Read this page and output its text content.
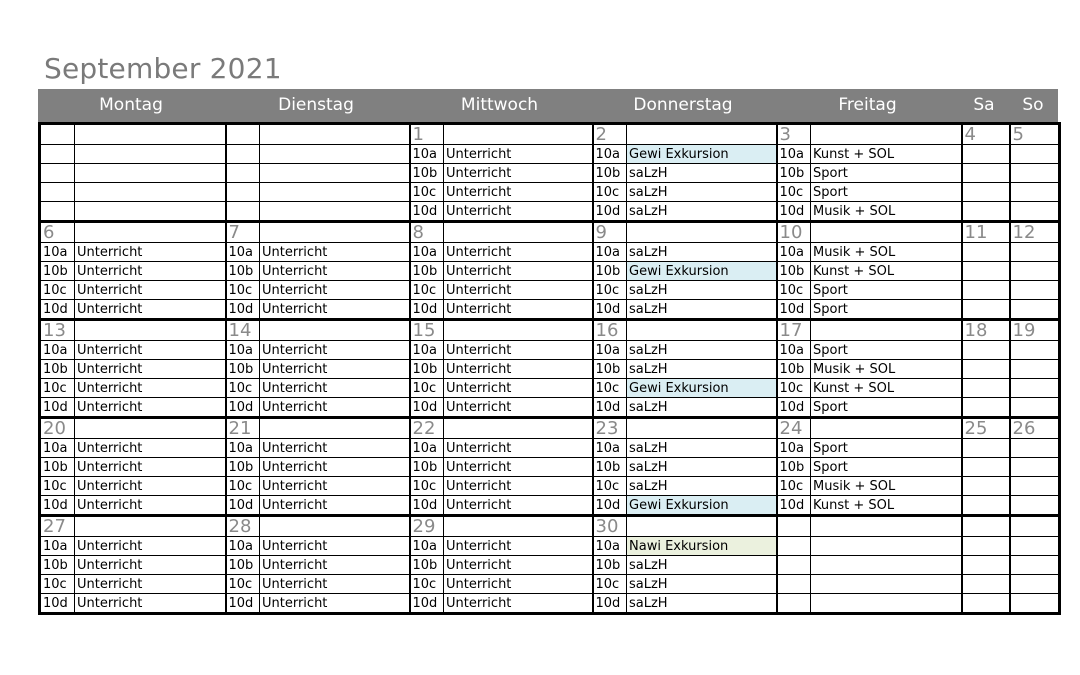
September 2021
Montag	Dienstag	Mittwoch	Donnerstag	Freitag	Sa	So
				1		2		3		4	5
				10a	Unterricht	10a	Gewi Exkursion	10a	Kunst + SOL		
				10b	Unterricht	10b	saLzH	10b	Sport		
				10c	Unterricht	10c	saLzH	10c	Sport		
				10d	Unterricht	10d	saLzH	10d	Musik + SOL		
6		7		8		9		10		11	12
10a	Unterricht	10a	Unterricht	10a	Unterricht	10a	saLzH	10a	Musik + SOL		
10b	Unterricht	10b	Unterricht	10b	Unterricht	10b	Gewi Exkursion	10b	Kunst + SOL		
10c	Unterricht	10c	Unterricht	10c	Unterricht	10c	saLzH	10c	Sport		
10d	Unterricht	10d	Unterricht	10d	Unterricht	10d	saLzH	10d	Sport		
13		14		15		16		17		18	19
10a	Unterricht	10a	Unterricht	10a	Unterricht	10a	saLzH	10a	Sport		
10b	Unterricht	10b	Unterricht	10b	Unterricht	10b	saLzH	10b	Musik + SOL		
10c	Unterricht	10c	Unterricht	10c	Unterricht	10c	Gewi Exkursion	10c	Kunst + SOL		
10d	Unterricht	10d	Unterricht	10d	Unterricht	10d	saLzH	10d	Sport		
20		21		22		23		24		25	26
10a	Unterricht	10a	Unterricht	10a	Unterricht	10a	saLzH	10a	Sport		
10b	Unterricht	10b	Unterricht	10b	Unterricht	10b	saLzH	10b	Sport		
10c	Unterricht	10c	Unterricht	10c	Unterricht	10c	saLzH	10c	Musik + SOL		
10d	Unterricht	10d	Unterricht	10d	Unterricht	10d	Gewi Exkursion	10d	Kunst + SOL		
27		28		29		30					
10a	Unterricht	10a	Unterricht	10a	Unterricht	10a	Nawi Exkursion				
10b	Unterricht	10b	Unterricht	10b	Unterricht	10b	saLzH				
10c	Unterricht	10c	Unterricht	10c	Unterricht	10c	saLzH				
10d	Unterricht	10d	Unterricht	10d	Unterricht	10d	saLzH				
